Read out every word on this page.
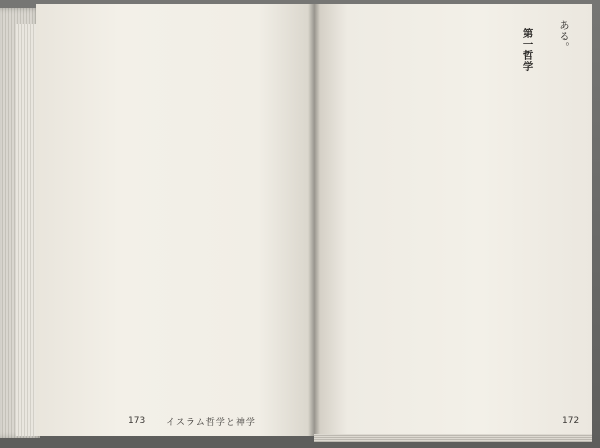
173 イスラム哲学と神学
ある。

第一哲学
172
